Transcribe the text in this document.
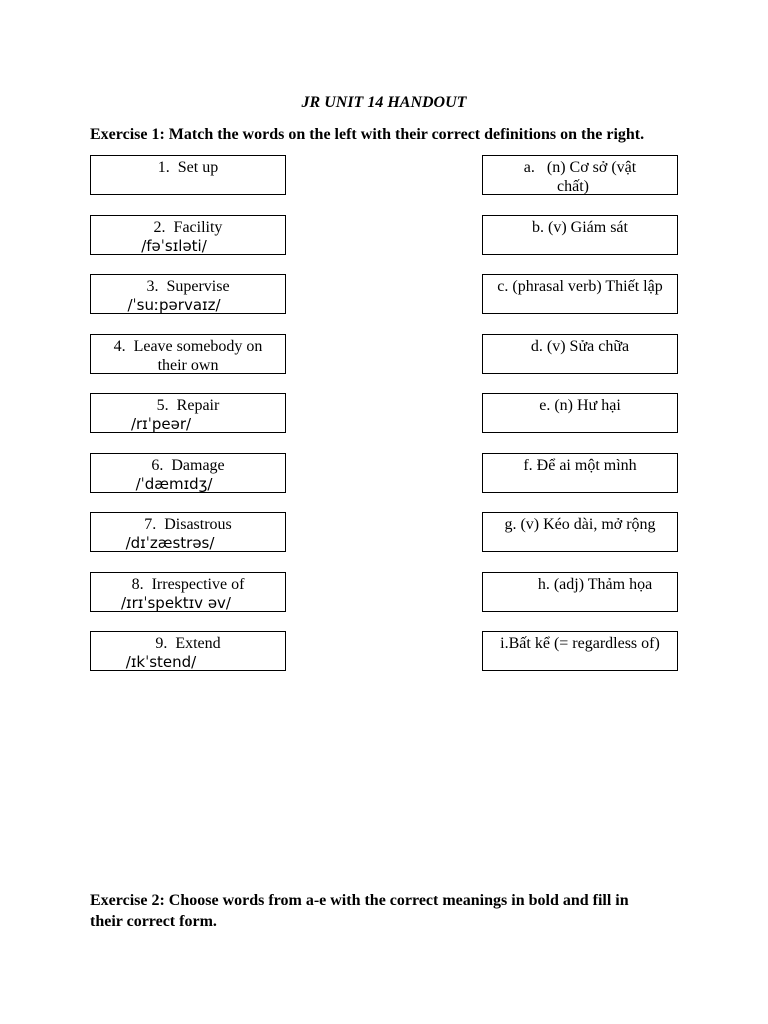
JR UNIT 14 HANDOUT
Exercise 1: Match the words on the left with their correct definitions on the right.
1. Set up
2. Facility
/fəˈsɪləti/
3. Supervise
/ˈsuːpərvaɪz/
4. Leave somebody on
their own
5. Repair
/rɪˈpeər/
6. Damage
/ˈdæmɪdʒ/
7. Disastrous
/dɪˈzæstrəs/
8. Irrespective of
/ɪrɪˈspektɪv əv/
9. Extend
/ɪkˈstend/
a.   (n) Cơ sở (vật
chất)
b. (v) Giám sát
c. (phrasal verb) Thiết lập
d. (v) Sửa chữa
e. (n) Hư hại
f. Để ai một mình
g. (v) Kéo dài, mở rộng
h. (adj) Thảm họa
i.Bất kể (= regardless of)
Exercise 2: Choose words from a-e with the correct meanings in bold and fill in their correct form.
